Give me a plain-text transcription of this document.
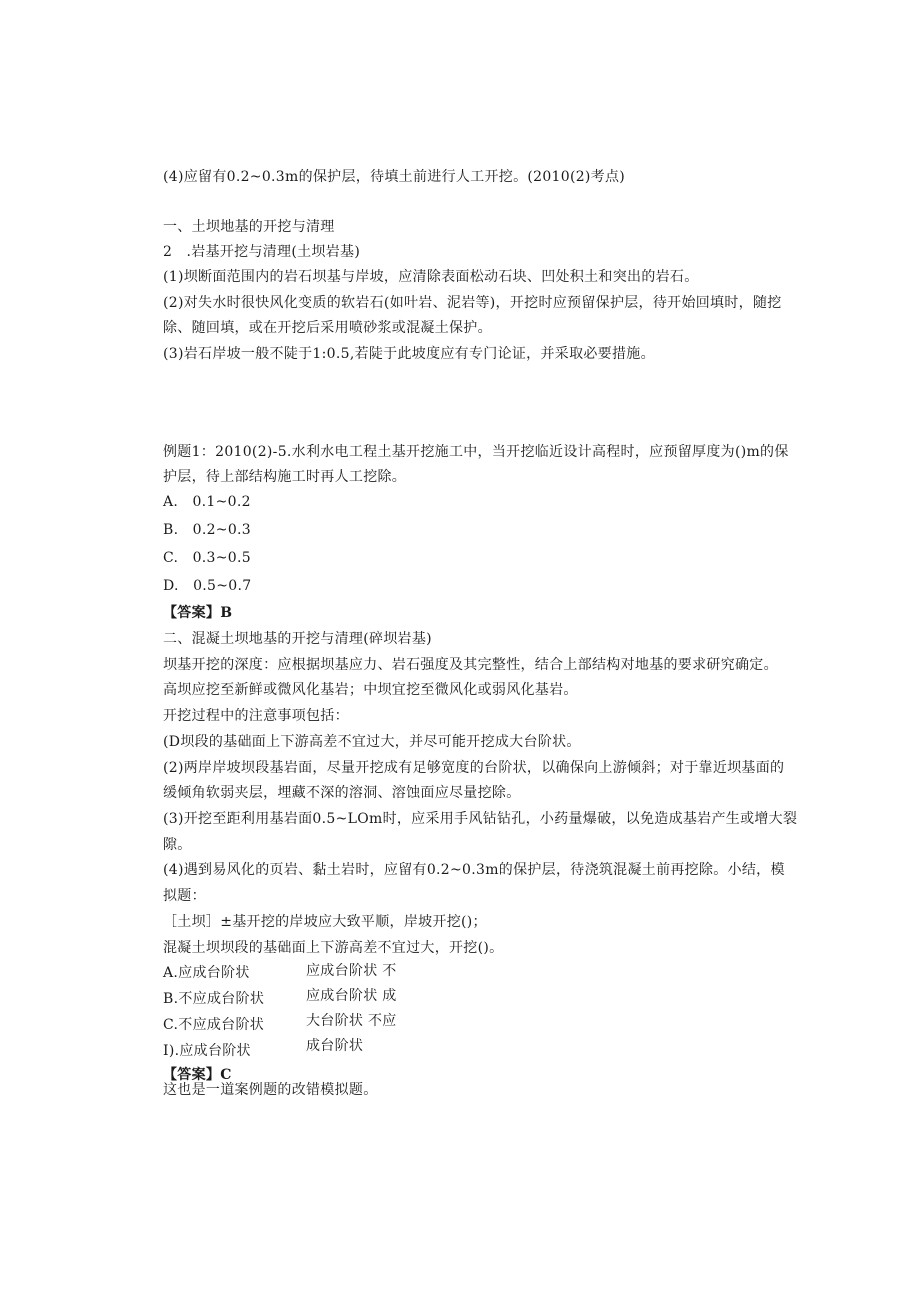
(4)应留有0.2~0.3m的保护层，待填土前进行人工开挖。(2010(2)考点)
一、土坝地基的开挖与清理
2　.岩基开挖与清理(土坝岩基)
(1)坝断面范围内的岩石坝基与岸坡，应清除表面松动石块、凹处积土和突出的岩石。
(2)对失水时很快风化变质的软岩石(如叶岩、泥岩等)，开挖时应预留保护层，待开始回填时，随挖
除、随回填，或在开挖后采用喷砂浆或混凝土保护。
(3)岩石岸坡一般不陡于1:0.5,若陡于此坡度应有专门论证，并采取必要措施。
例题1：2010(2)-5.水利水电工程土基开挖施工中，当开挖临近设计高程时，应预留厚度为()m的保
护层，待上部结构施工时再人工挖除。
A.　0.1~0.2
B.　0.2~0.3
C.　0.3~0.5
D.　0.5~0.7
【答案】B
二、混凝土坝地基的开挖与清理(碎坝岩基)
坝基开挖的深度：应根据坝基应力、岩石强度及其完整性，结合上部结构对地基的要求研究确定。
高坝应挖至新鲜或微风化基岩；中坝宜挖至微风化或弱风化基岩。
开挖过程中的注意事项包括：
(D坝段的基础面上下游高差不宜过大，并尽可能开挖成大台阶状。
(2)两岸岸坡坝段基岩面，尽量开挖成有足够宽度的台阶状，以确保向上游倾斜；对于靠近坝基面的
缓倾角软弱夹层，埋藏不深的溶洞、溶蚀面应尽量挖除。
(3)开挖至距利用基岩面0.5~LOm时，应采用手风钻钻孔，小药量爆破，以免造成基岩产生或增大裂
隙。
(4)遇到易风化的页岩、黏土岩时，应留有0.2~0.3m的保护层，待浇筑混凝土前再挖除。小结，模
拟题：
［土坝］±基开挖的岸坡应大致平顺，岸坡开挖()；
混凝土坝坝段的基础面上下游高差不宜过大，开挖()。
A.应成台阶状
B.不应成台阶状
C.不应成台阶状
I).应成台阶状
应成台阶状 不
应成台阶状 成
大台阶状 不应
成台阶状
【答案】C
这也是一道案例题的改错模拟题。
